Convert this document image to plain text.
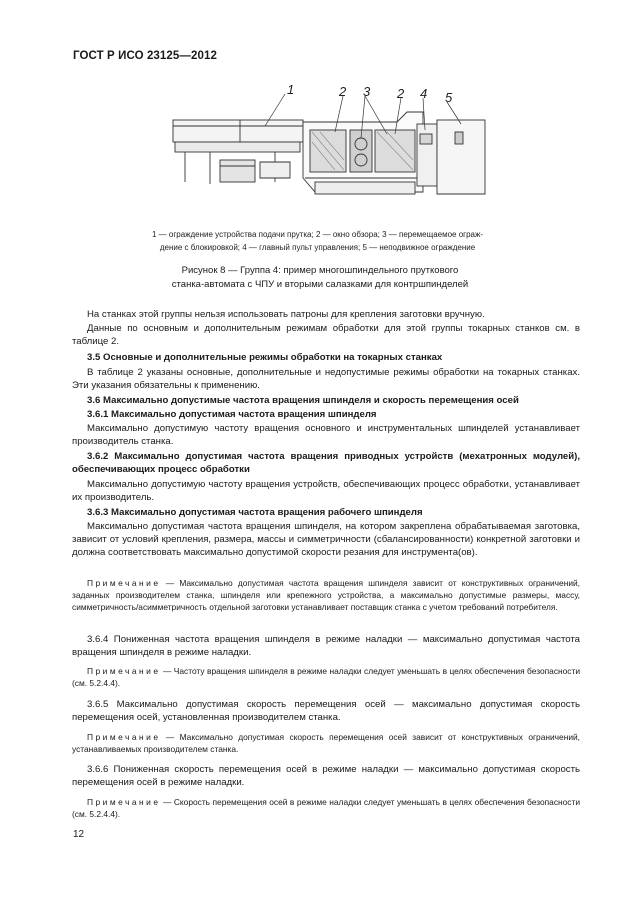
ГОСТ Р ИСО 23125—2012
1	2 3 2 4 5
1 — ограждение устройства подачи прутка; 2 — окно обзора; 3 — перемещаемое ограж-
дение с блокировкой; 4 — главный пульт управления; 5 — неподвижное ограждение
Рисунок 8 — Группа 4: пример многошпиндельного пруткового
станка-автомата с ЧПУ и вторыми салазками для контршпинделей
На станках этой группы нельзя использовать патроны для крепления заготовки вручную.
Данные по основным и дополнительным режимам обработки для этой группы токарных станков см. в таблице 2.
3.5 Основные и дополнительные режимы обработки на токарных станках
В таблице 2 указаны основные, дополнительные и недопустимые режимы обработки на токарных станках. Эти указания обязательны к применению.
3.6 Максимально допустимые частота вращения шпинделя и скорость перемещения осей
3.6.1 Максимально допустимая частота вращения шпинделя
Максимально допустимую частоту вращения основного и инструментальных шпинделей устанавливает производитель станка.
3.6.2 Максимально допустимая частота вращения приводных устройств (мехатронных модулей), обеспечивающих процесс обработки
Максимально допустимую частоту вращения устройств, обеспечивающих процесс обработки, устанавливает их производитель.
3.6.3 Максимально допустимая частота вращения рабочего шпинделя
Максимально допустимая частота вращения шпинделя, на котором закреплена обрабатываемая заготовка, зависит от условий крепления, размера, массы и симметричности (сбалансированности) конкретной заготовки и должна соответствовать максимально допустимой скорости резания для инструмента(ов).
Примечание — Максимально допустимая частота вращения шпинделя зависит от конструктивных ограничений, заданных производителем станка, шпинделя или крепежного устройства, а максимально допустимые размеры, массу, симметричность/асимметричность отдельной заготовки устанавливает поставщик станка с учетом требований потребителя.
3.6.4 Пониженная частота вращения шпинделя в режиме наладки — максимально допустимая частота вращения шпинделя в режиме наладки.
Примечание — Частоту вращения шпинделя в режиме наладки следует уменьшать в целях обеспечения безопасности (см. 5.2.4.4).
3.6.5 Максимально допустимая скорость перемещения осей — максимально допустимая скорость перемещения осей, установленная производителем станка.
Примечание — Максимально допустимая скорость перемещения осей зависит от конструктивных ограничений, устанавливаемых производителем станка.
3.6.6 Пониженная скорость перемещения осей в режиме наладки — максимально допустимая скорость перемещения осей в режиме наладки.
Примечание — Скорость перемещения осей в режиме наладки следует уменьшать в целях обеспечения безопасности (см. 5.2.4.4).
12
